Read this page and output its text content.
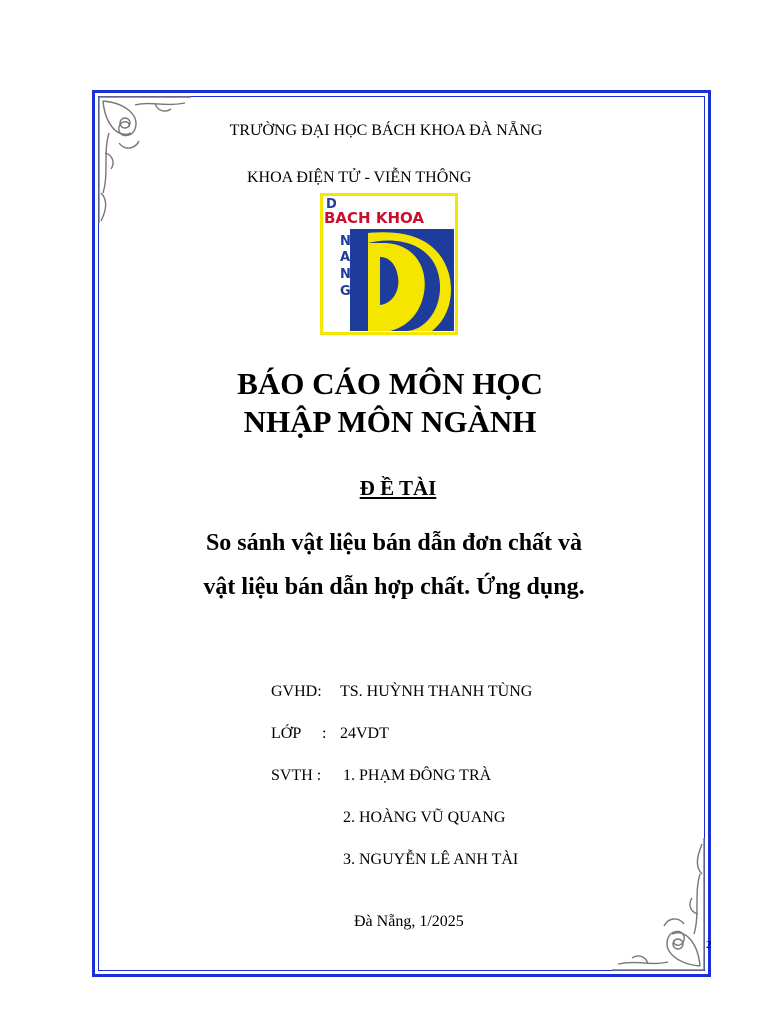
TRƯỜNG ĐẠI HỌC BÁCH KHOA ĐÀ NẴNG
KHOA ĐIỆN TỬ - VIỄN THÔNG
D
BACH KHOA
N
A
N
G
BÁO CÁO MÔN HỌC
NHẬP MÔN NGÀNH
Đ Ề TÀI
So sánh vật liệu bán dẫn đơn chất và
vật liệu bán dẫn hợp chất. Ứng dụng.
GVHD: TS. HUỲNH THANH TÙNG
LỚP : 24VDT
SVTH : 1. PHẠM ĐÔNG TRÀ
2. HOÀNG VŨ QUANG
3. NGUYỄN LÊ ANH TÀI
Đà Nẵng, 1/2025
2
